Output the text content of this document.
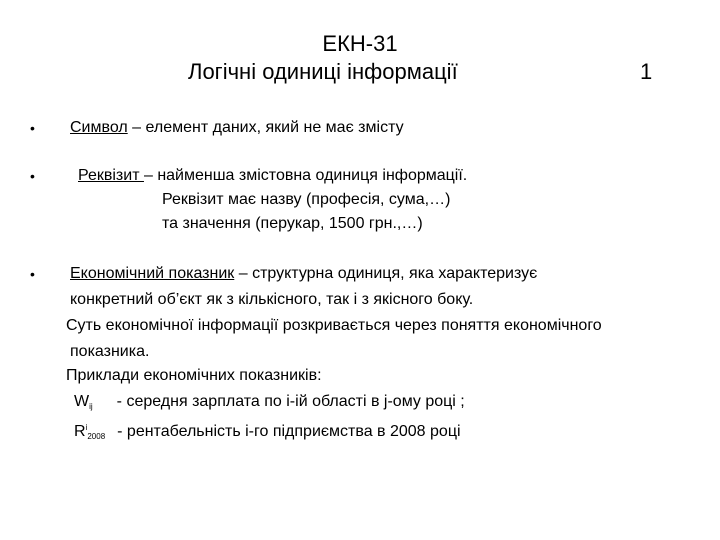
ЕКН-31
Логічні одиниці інформації	1
• Символ – елемент даних, який не має змісту
•	Реквізит – найменша змістовна одиниця інформації.
Реквізит має назву (професія, сума,…)
та значення (перукар, 1500 грн.,…)
• Економічний показник – структурна одиниця, яка характеризує
конкретний об’єкт як з кількісного, так і з якісного боку.
Суть економічної інформації розкривається через поняття економічного
показника.
Приклади економічних показників:
Wij - середня зарплата по і-ій області в j-ому році ;
$R^i2008$ - рентабельність і-го підприємства в 2008 році
